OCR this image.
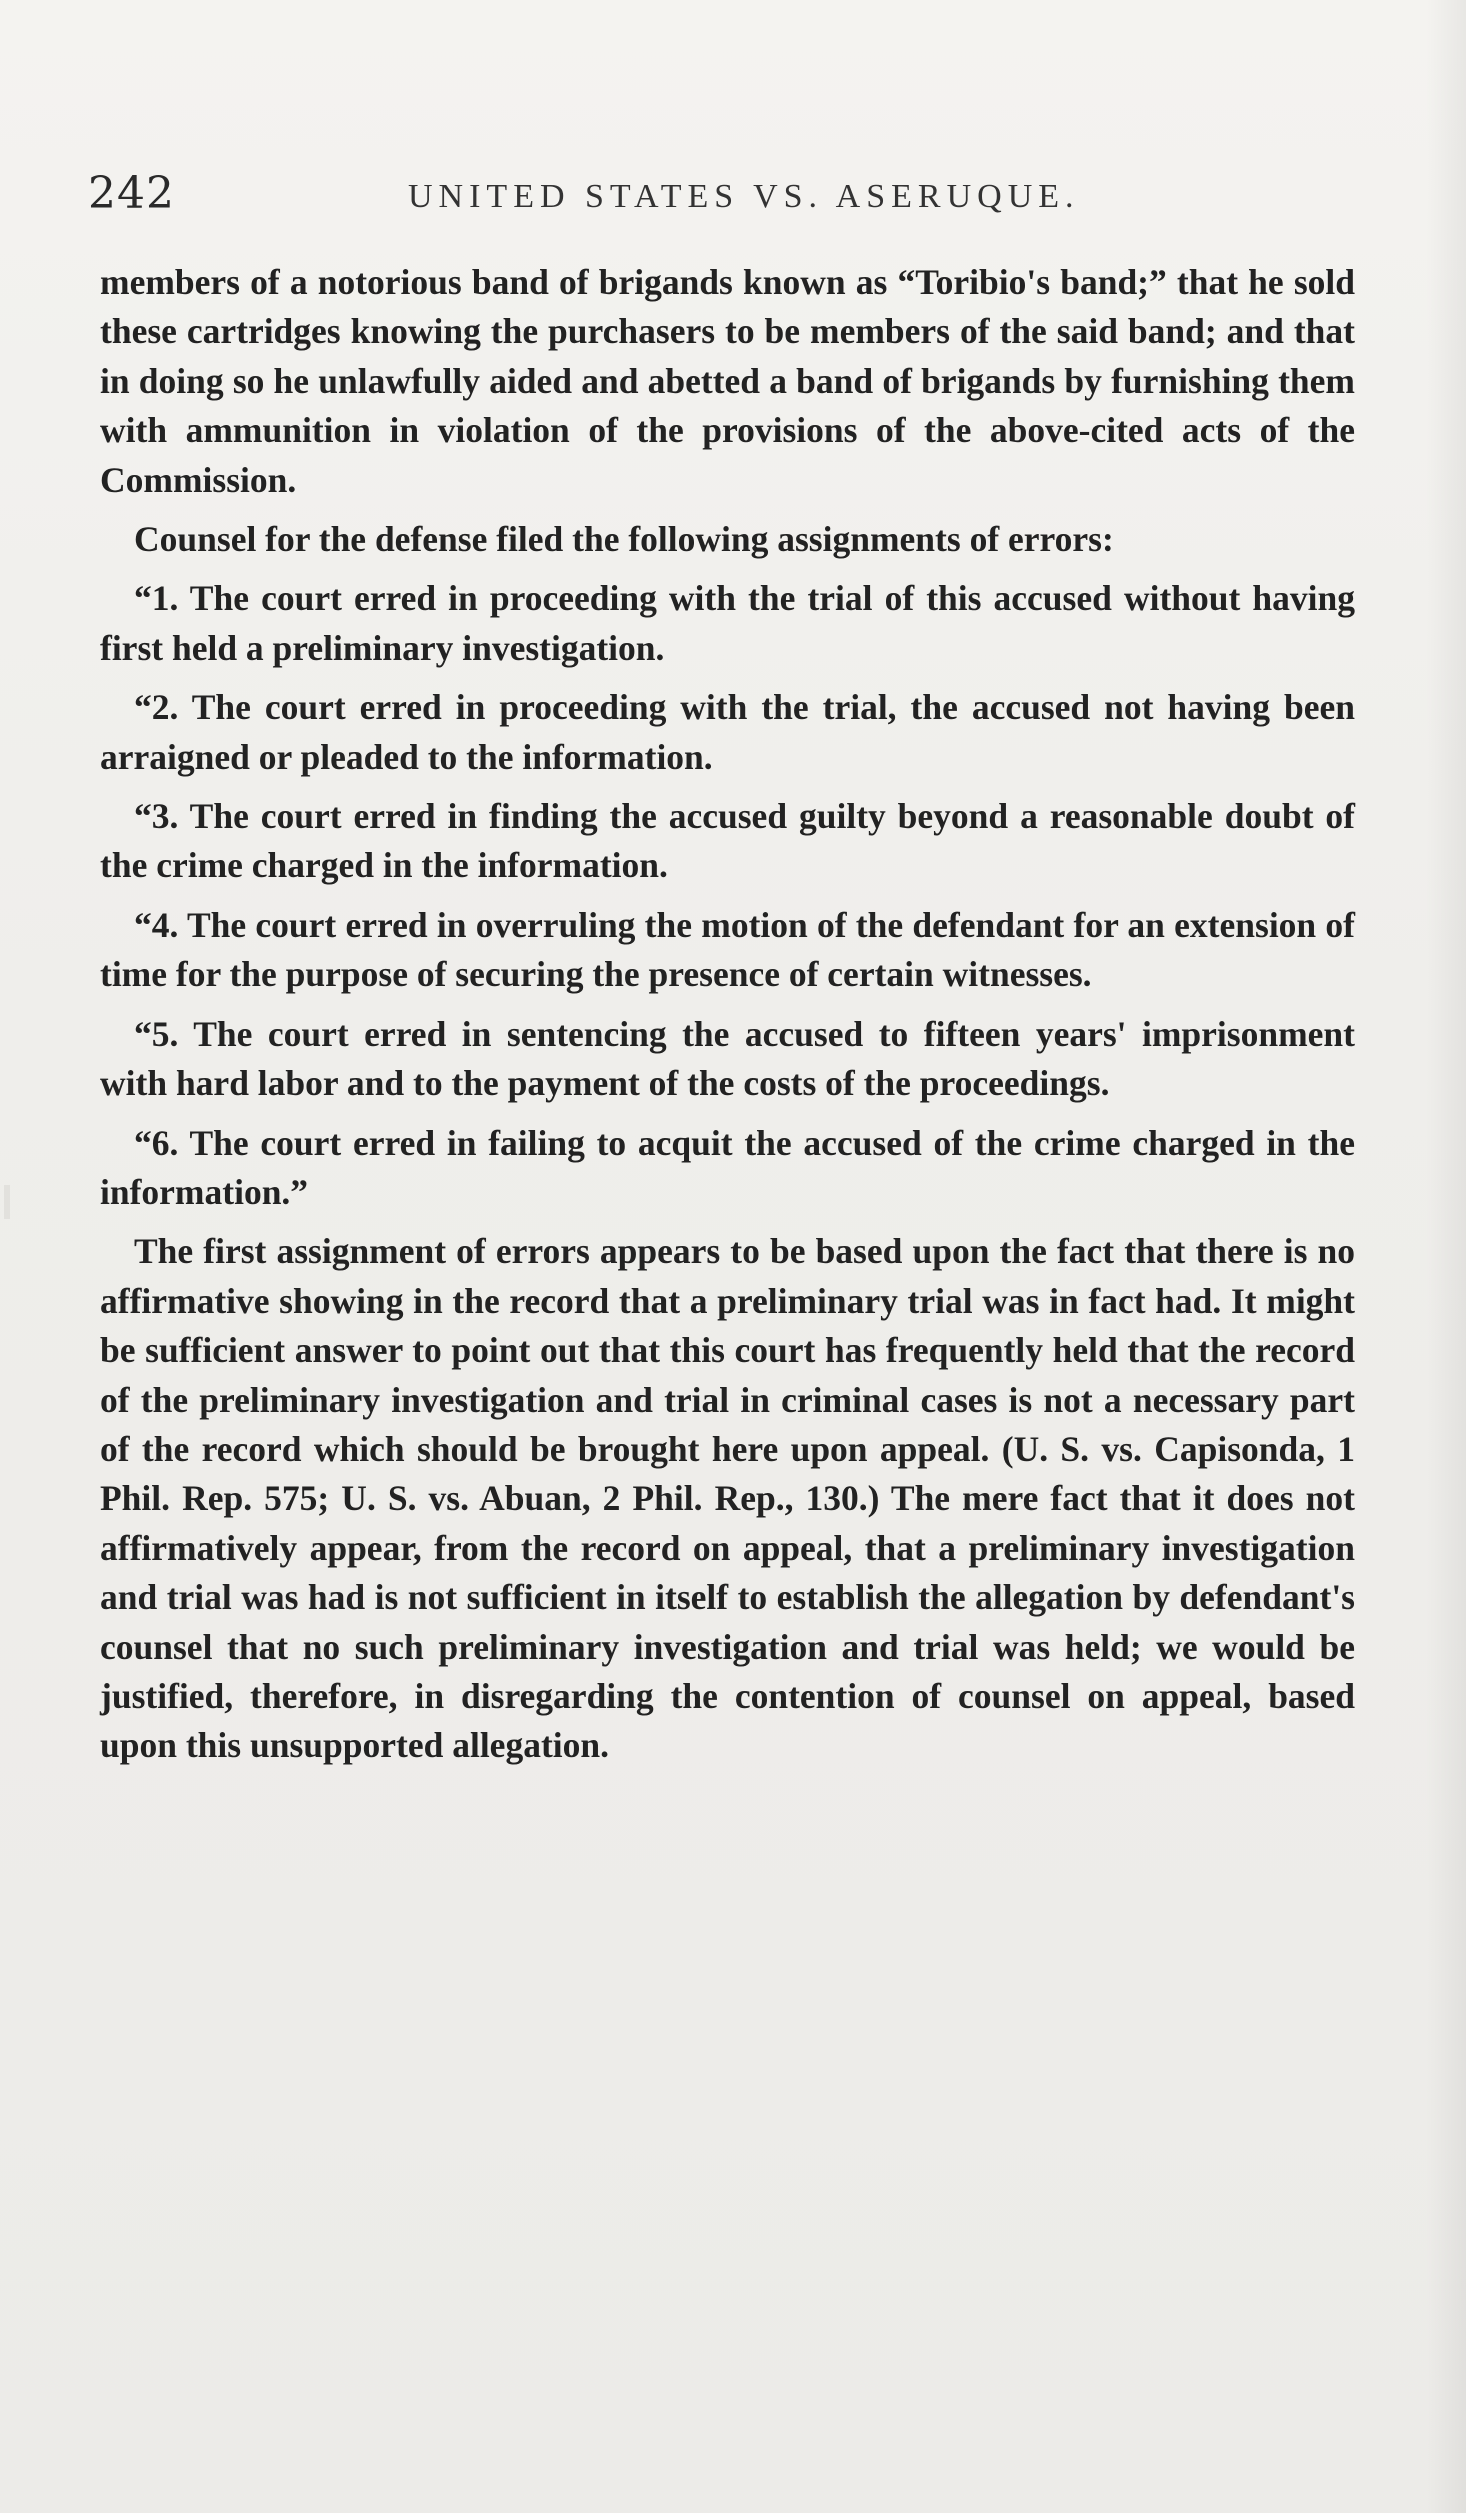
242	UNITED STATES VS. ASERUQUE.

members of a notorious band of brigands known as “Toribio's band;” that he sold these cartridges knowing the purchasers to be members of the said band; and that in doing so he unlawfully aided and abetted a band of brigands by furnishing them with ammunition in violation of the provisions of the above-cited acts of the Commission.

Counsel for the defense filed the following assignments of errors:

“1. The court erred in proceeding with the trial of this accused without having first held a preliminary investigation.

“2. The court erred in proceeding with the trial, the accused not having been arraigned or pleaded to the information.

“3. The court erred in finding the accused guilty beyond a reasonable doubt of the crime charged in the information.

“4. The court erred in overruling the motion of the defendant for an extension of time for the purpose of securing the presence of certain witnesses.

“5. The court erred in sentencing the accused to fifteen years' imprisonment with hard labor and to the payment of the costs of the proceedings.

“6. The court erred in failing to acquit the accused of the crime charged in the information.”

The first assignment of errors appears to be based upon the fact that there is no affirmative showing in the record that a preliminary trial was in fact had. It might be sufficient answer to point out that this court has frequently held that the record of the preliminary investigation and trial in criminal cases is not a necessary part of the record which should be brought here upon appeal. (U. S. vs. Capisonda, 1 Phil. Rep. 575; U. S. vs. Abuan, 2 Phil. Rep., 130.) The mere fact that it does not affirmatively appear, from the record on appeal, that a preliminary investigation and trial was had is not sufficient in itself to establish the allegation by defendant's counsel that no such preliminary investigation and trial was held; we would be justified, therefore, in disregarding the contention of counsel on appeal, based upon this unsupported allegation.
